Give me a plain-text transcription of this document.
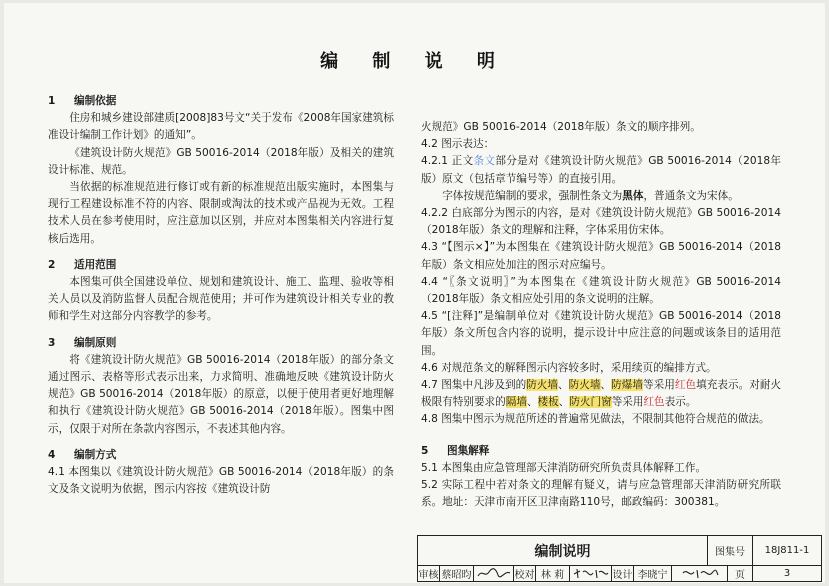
编 制 说 明

1 编制依据

住房和城乡建设部建质[2008]83号文“关于发布《2008年国家建筑标准设计编制工作计划》的通知”。

《建筑设计防火规范》GB 50016-2014（2018年版）及相关的建筑设计标准、规范。

当依据的标准规范进行修订或有新的标准规范出版实施时，本图集与现行工程建设标准不符的内容、限制或淘汰的技术或产品视为无效。工程技术人员在参考使用时，应注意加以区别，并应对本图集相关内容进行复核后选用。

2 适用范围

本图集可供全国建设单位、规划和建筑设计、施工、监理、验收等相关人员以及消防监督人员配合规范使用；并可作为建筑设计相关专业的教师和学生对这部分内容教学的参考。

3 编制原则

将《建筑设计防火规范》GB 50016-2014（2018年版）的部分条文通过图示、表格等形式表示出来，力求简明、准确地反映《建筑设计防火规范》GB 50016-2014（2018年版）的原意，以便于使用者更好地理解和执行《建筑设计防火规范》GB 50016-2014（2018年版）。图集中图示，仅限于对所在条款内容图示，不表述其他内容。

4 编制方式

4.1 本图集以《建筑设计防火规范》GB 50016-2014（2018年版）的条文及条文说明为依据，图示内容按《建筑设计防

火规范》GB 50016-2014（2018年版）条文的顺序排列。

4.2 图示表达：

4.2.1 正文条文部分是对《建筑设计防火规范》GB 50016-2014（2018年版）原文（包括章节编号等）的直接引用。

字体按规范编制的要求，强制性条文为黑体，普通条文为宋体。

4.2.2 白底部分为图示的内容，是对《建筑设计防火规范》GB 50016-2014（2018年版）条文的理解和注释，字体采用仿宋体。

4.3 “【图示×】”为本图集在《建筑设计防火规范》GB 50016-2014（2018年版）条文相应处加注的图示对应编号。

4.4 “〖条文说明〗”为本图集在《建筑设计防火规范》GB 50016-2014（2018年版）条文相应处引用的条文说明的注解。

4.5 “[注释]”是编制单位对《建筑设计防火规范》GB 50016-2014（2018年版）条文所包含内容的说明，提示设计中应注意的问题或该条目的适用范围。

4.6 对规范条文的解释图示内容较多时，采用续页的编排方式。

4.7 图集中凡涉及到的防火墙、防火墙、防爆墙等采用红色填充表示。对耐火极限有特别要求的隔墙、楼板、防火门窗等采用红色表示。

4.8 图集中图示为规范所述的普遍常见做法，不限制其他符合规范的做法。

5 图集解释

5.1 本图集由应急管理部天津消防研究所负责具体解释工作。

5.2 实际工程中若对条文的理解有疑义，请与应急管理部天津消防研究所联系。地址：天津市南开区卫津南路110号，邮政编码：300381。

编制说明	图集号	18J811-1
审核 蔡昭昀	校对 林 莉	设计 李晓宁	页	3
